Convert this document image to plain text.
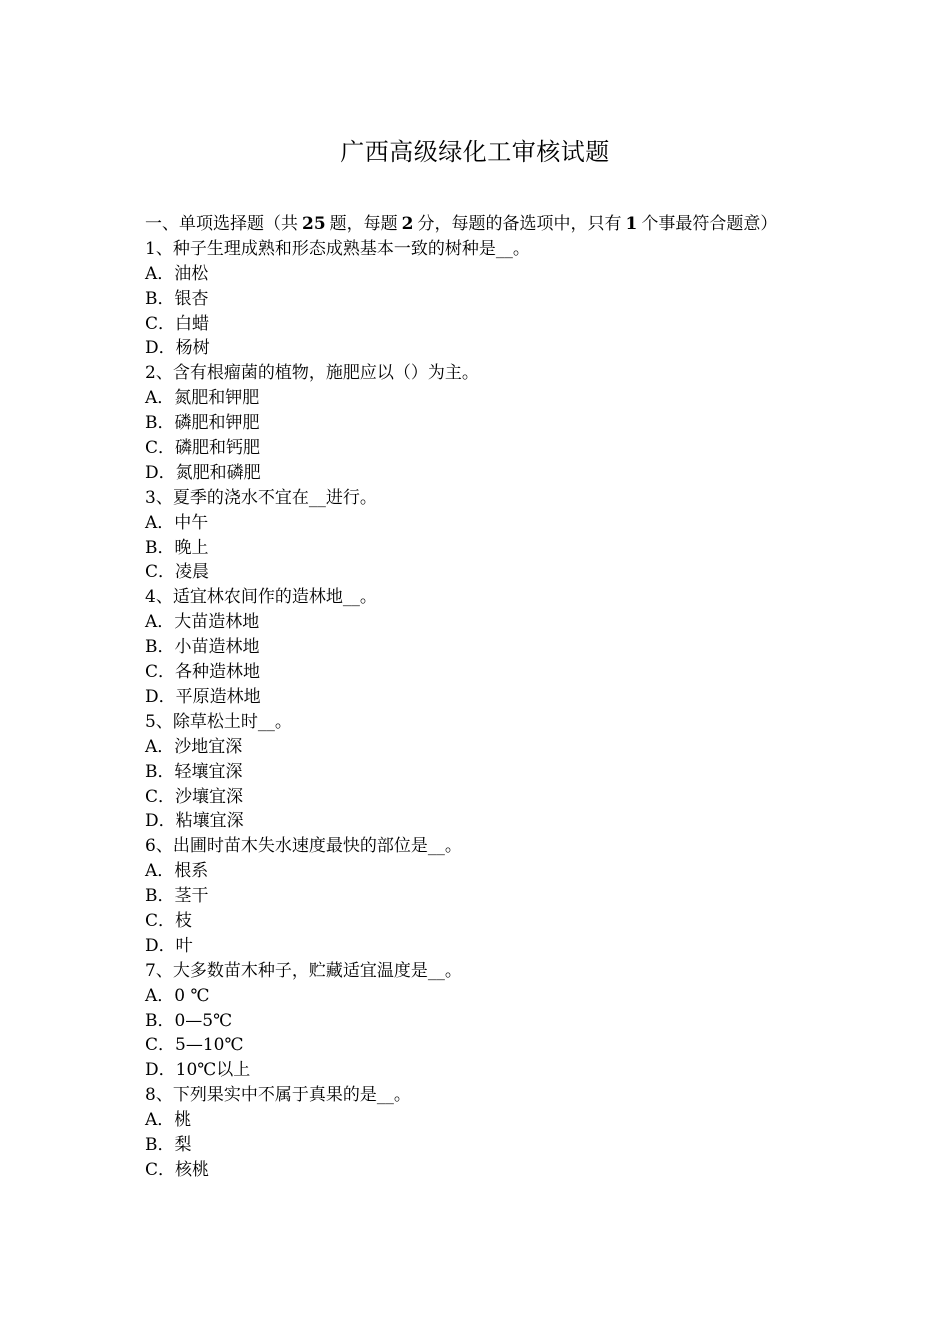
广西高级绿化工审核试题
一、单项选择题（共 25 题，每题 2 分，每题的备选项中，只有 1 个事最符合题意）
1、种子生理成熟和形态成熟基本一致的树种是__。
A．油松
B．银杏
C．白蜡
D．杨树
2、含有根瘤菌的植物，施肥应以（）为主。
A．氮肥和钾肥
B．磷肥和钾肥
C．磷肥和钙肥
D．氮肥和磷肥
3、夏季的浇水不宜在__进行。
A．中午
B．晚上
C．凌晨
4、适宜林农间作的造林地__。
A．大苗造林地
B．小苗造林地
C．各种造林地
D．平原造林地
5、除草松土时__。
A．沙地宜深
B．轻壤宜深
C．沙壤宜深
D．粘壤宜深
6、出圃时苗木失水速度最快的部位是__。
A．根系
B．茎干
C．枝
D．叶
7、大多数苗木种子，贮藏适宜温度是__。
A．0 ℃
B．0—5℃
C．5—10℃
D．10℃以上
8、下列果实中不属于真果的是__。
A．桃
B．梨
C．核桃
